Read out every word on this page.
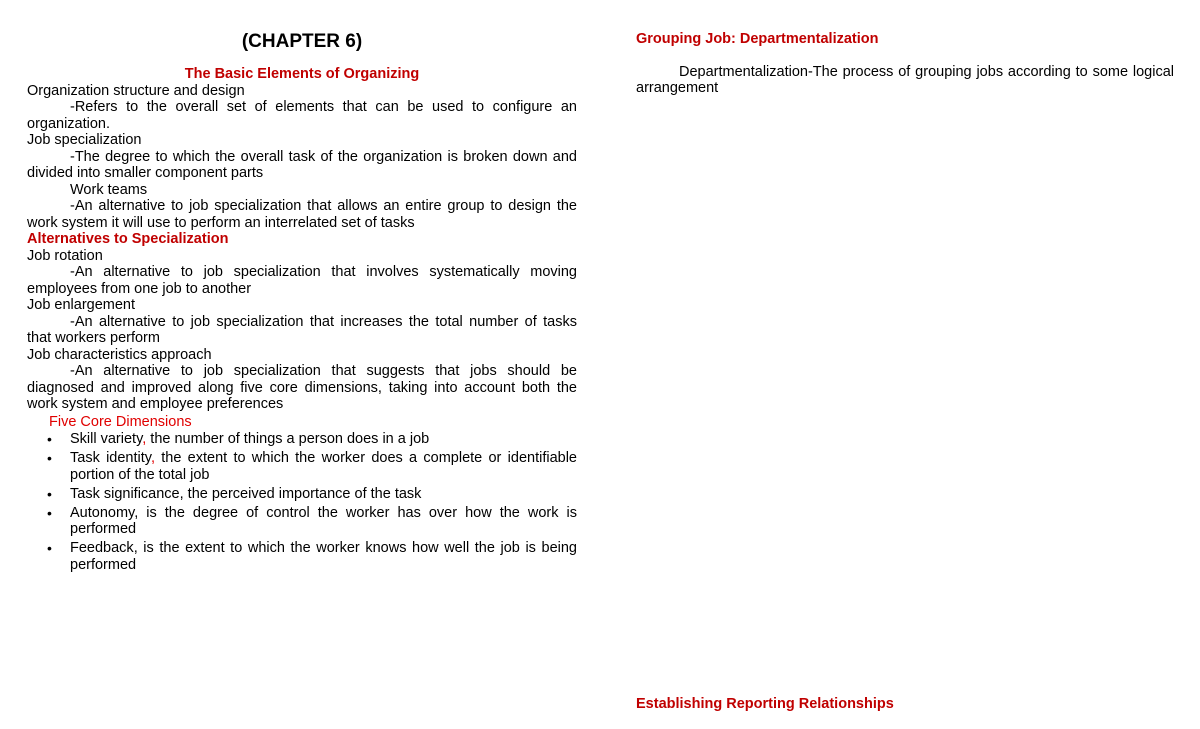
(CHAPTER 6)

The Basic Elements of Organizing

Organization structure and design

-Refers to the overall set of elements that can be used to configure an organization.

Job specialization

-The degree to which the overall task of the organization is broken down and divided into smaller component parts

Work teams

-An alternative to job specialization that allows an entire group to design the work system it will use to perform an interrelated set of tasks

Alternatives to Specialization

Job rotation

-An alternative to job specialization that involves systematically moving employees from one job to another

Job enlargement

-An alternative to job specialization that increases the total number of tasks that workers perform

Job characteristics approach

-An alternative to job specialization that suggests that jobs should be diagnosed and improved along five core dimensions, taking into account both the work system and employee preferences

Five Core Dimensions

• Skill variety, the number of things a person does in a job
• Task identity, the extent to which the worker does a complete or identifiable portion of the total job
• Task significance, the perceived importance of the task
• Autonomy, is the degree of control the worker has over how the work is performed
• Feedback, is the extent to which the worker knows how well the job is being performed

Grouping Job: Departmentalization

Departmentalization-The process of grouping jobs according to some logical arrangement

Establishing Reporting Relationships
